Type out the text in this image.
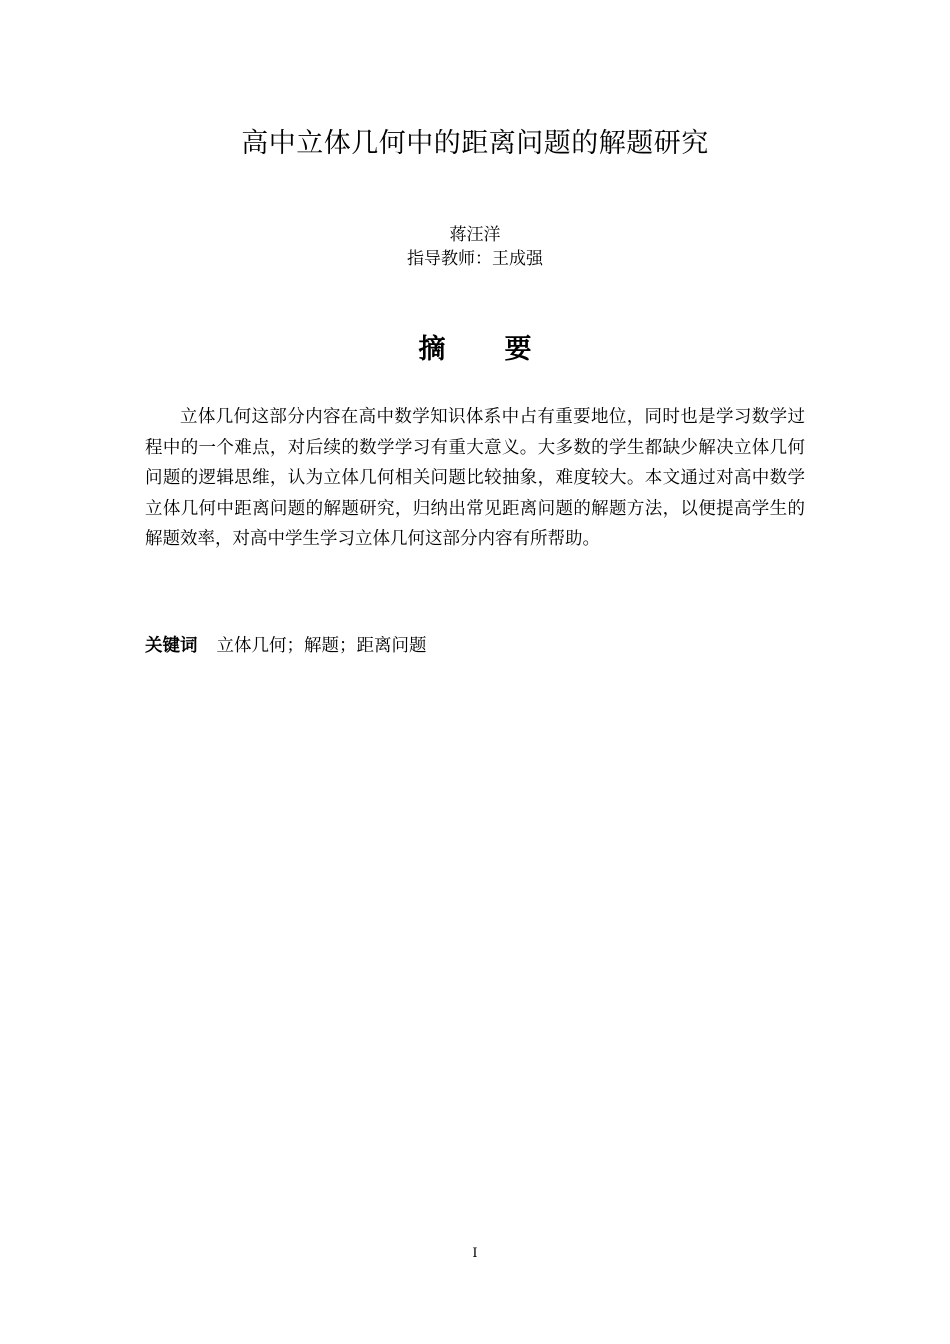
高中立体几何中的距离问题的解题研究
蒋汪洋
指导教师：王成强
摘 要
立体几何这部分内容在高中数学知识体系中占有重要地位，同时也是学习数学过程中的一个难点，对后续的数学学习有重大意义。大多数的学生都缺少解决立体几何问题的逻辑思维，认为立体几何相关问题比较抽象，难度较大。本文通过对高中数学立体几何中距离问题的解题研究，归纳出常见距离问题的解题方法，以便提高学生的解题效率，对高中学生学习立体几何这部分内容有所帮助。
关键词 立体几何；解题；距离问题
I
